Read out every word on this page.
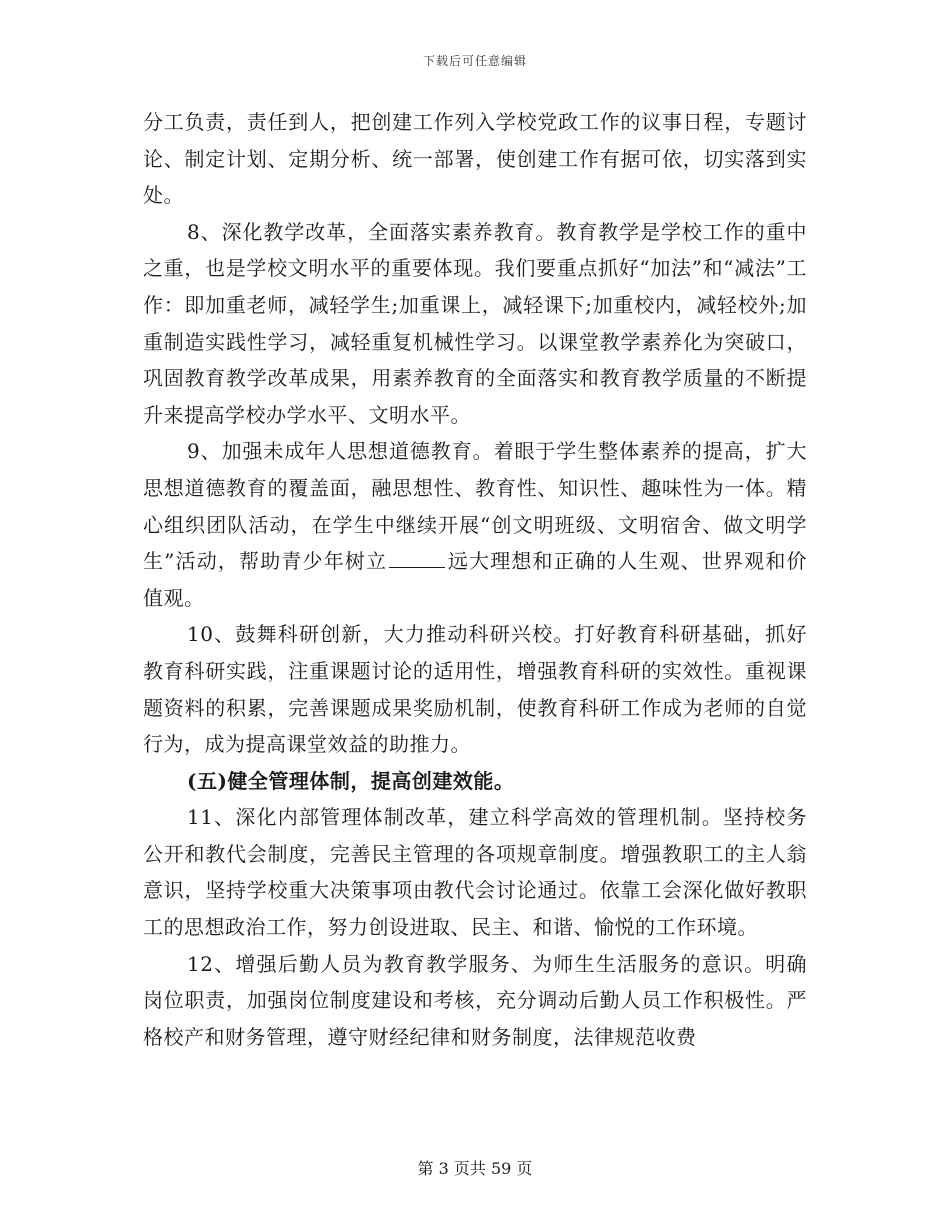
下载后可任意编辑

分工负责，责任到人，把创建工作列入学校党政工作的议事日程，专题讨论、制定计划、定期分析、统一部署，使创建工作有据可依，切实落到实处。

8、深化教学改革，全面落实素养教育。教育教学是学校工作的重中之重，也是学校文明水平的重要体现。我们要重点抓好“加法”和“减法”工作：即加重老师，减轻学生;加重课上，减轻课下;加重校内，减轻校外;加重制造实践性学习，减轻重复机械性学习。以课堂教学素养化为突破口，巩固教育教学改革成果，用素养教育的全面落实和教育教学质量的不断提升来提高学校办学水平、文明水平。

9、加强未成年人思想道德教育。着眼于学生整体素养的提高，扩大思想道德教育的覆盖面，融思想性、教育性、知识性、趣味性为一体。精心组织团队活动，在学生中继续开展“创文明班级、文明宿舍、做文明学生”活动，帮助青少年树立	远大理想和正确的人生观、世界观和价值观。

10、鼓舞科研创新，大力推动科研兴校。打好教育科研基础，抓好教育科研实践，注重课题讨论的适用性，增强教育科研的实效性。重视课题资料的积累，完善课题成果奖励机制，使教育科研工作成为老师的自觉行为，成为提高课堂效益的助推力。

(五)健全管理体制，提高创建效能。

11、深化内部管理体制改革，建立科学高效的管理机制。坚持校务公开和教代会制度，完善民主管理的各项规章制度。增强教职工的主人翁意识，坚持学校重大决策事项由教代会讨论通过。依靠工会深化做好教职工的思想政治工作，努力创设进取、民主、和谐、愉悦的工作环境。

12、增强后勤人员为教育教学服务、为师生生活服务的意识。明确岗位职责，加强岗位制度建设和考核，充分调动后勤人员工作积极性。严格校产和财务管理，遵守财经纪律和财务制度，法律规范收费

第 3 页共 59 页
